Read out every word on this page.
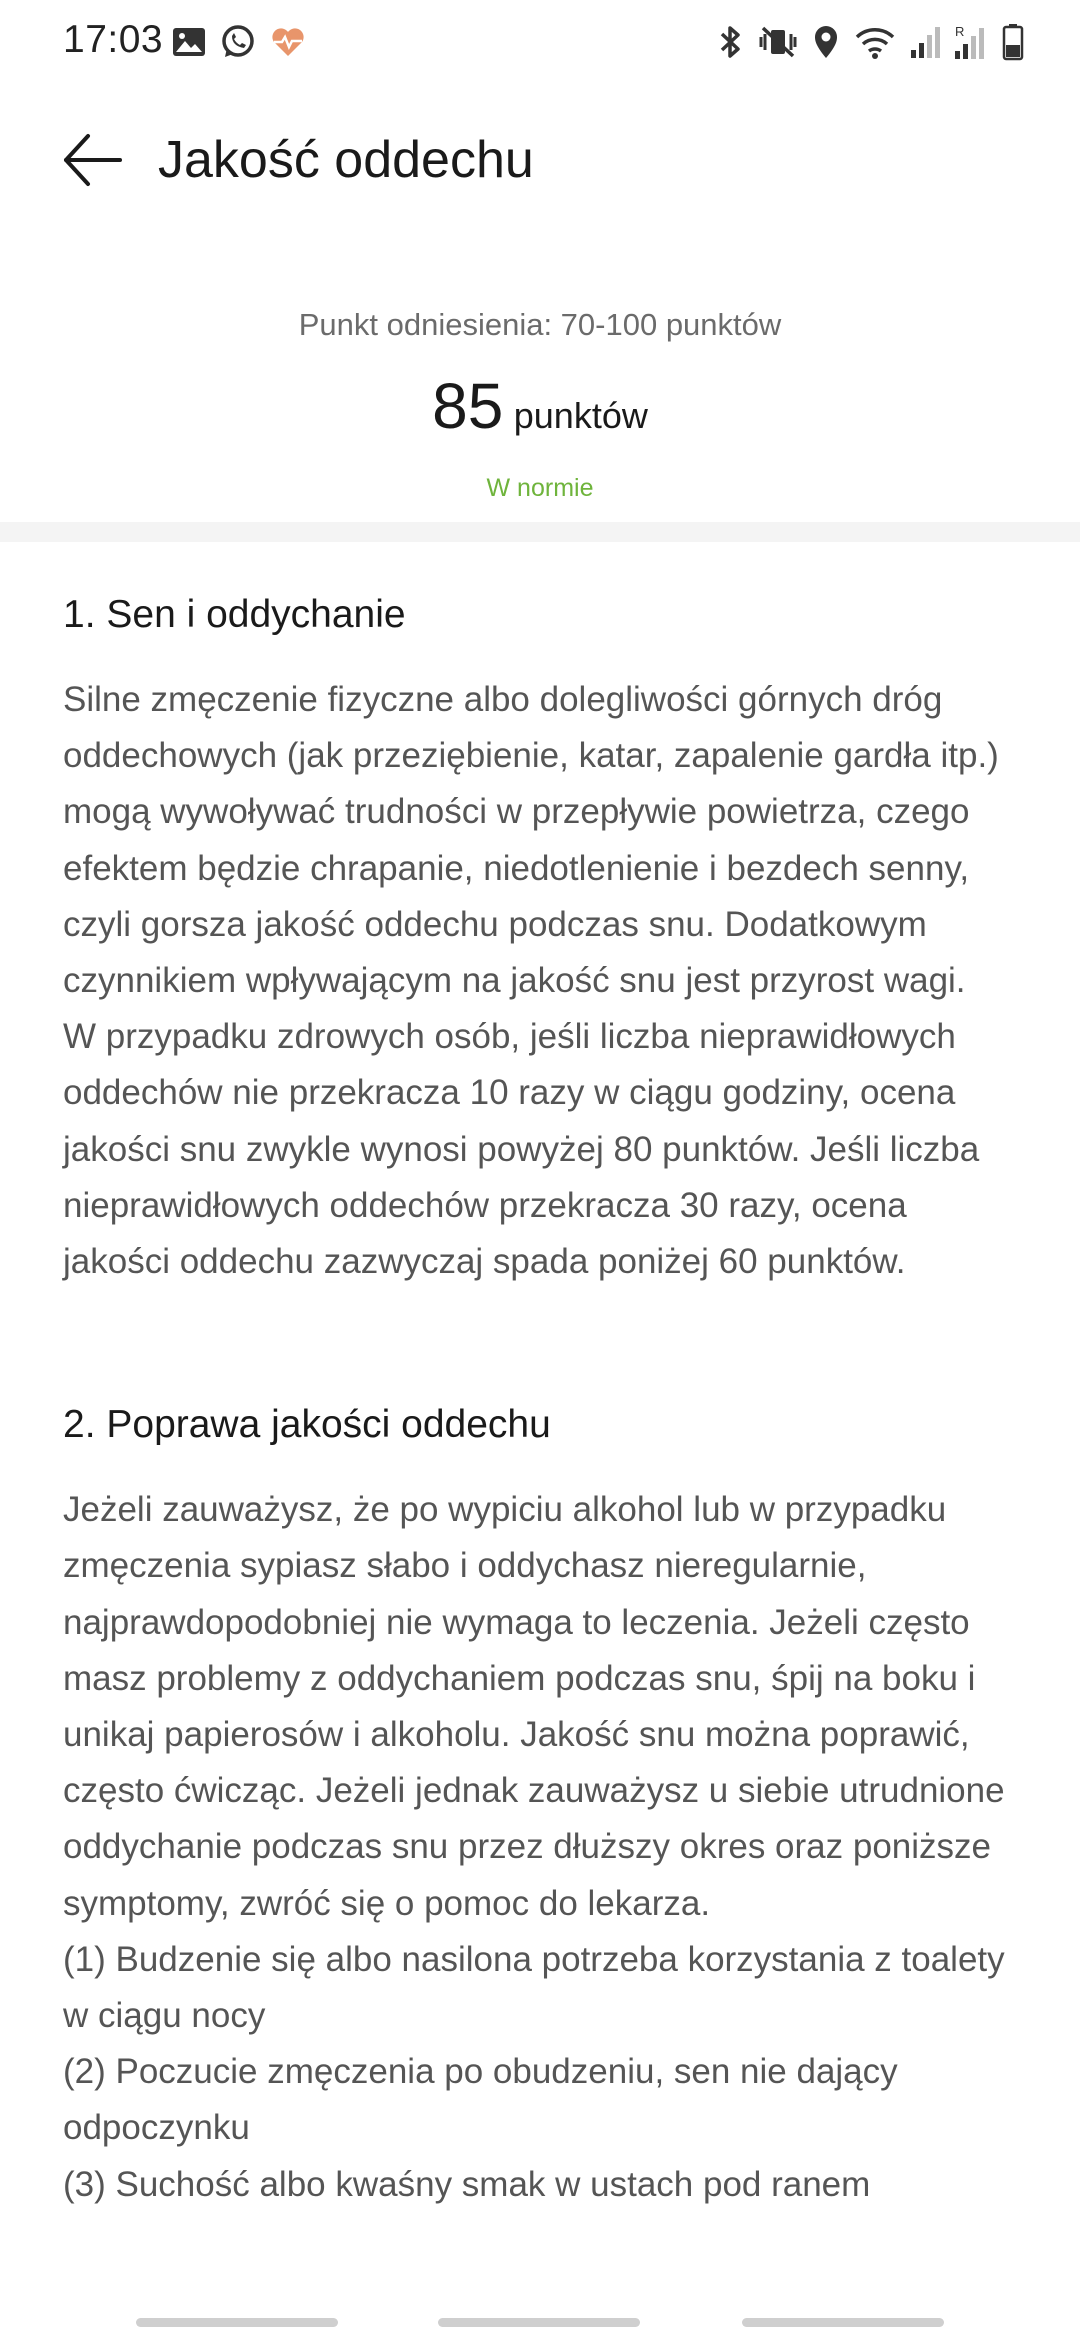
17:03	R
Jakość oddechu
Punkt odniesienia: 70-100 punktów
85 punktów
W normie
1. Sen i oddychanie

Silne zmęczenie fizyczne albo dolegliwości górnych dróg oddechowych (jak przeziębienie, katar, zapalenie gardła itp.) mogą wywoływać trudności w przepływie powietrza, czego efektem będzie chrapanie, niedotlenienie i bezdech senny, czyli gorsza jakość oddechu podczas snu. Dodatkowym czynnikiem wpływającym na jakość snu jest przyrost wagi.

W przypadku zdrowych osób, jeśli liczba nieprawidłowych oddechów nie przekracza 10 razy w ciągu godziny, ocena jakości snu zwykle wynosi powyżej 80 punktów. Jeśli liczba nieprawidłowych oddechów przekracza 30 razy, ocena jakości oddechu zazwyczaj spada poniżej 60 punktów.

2. Poprawa jakości oddechu

Jeżeli zauważysz, że po wypiciu alkohol lub w przypadku zmęczenia sypiasz słabo i oddychasz nieregularnie, najprawdopodobniej nie wymaga to leczenia. Jeżeli często masz problemy z oddychaniem podczas snu, śpij na boku i unikaj papierosów i alkoholu. Jakość snu można poprawić, często ćwicząc. Jeżeli jednak zauważysz u siebie utrudnione oddychanie podczas snu przez dłuższy okres oraz poniższe symptomy, zwróć się o pomoc do lekarza.

(1) Budzenie się albo nasilona potrzeba korzystania z toalety w ciągu nocy

(2) Poczucie zmęczenia po obudzeniu, sen nie dający odpoczynku

(3) Suchość albo kwaśny smak w ustach pod ranem
